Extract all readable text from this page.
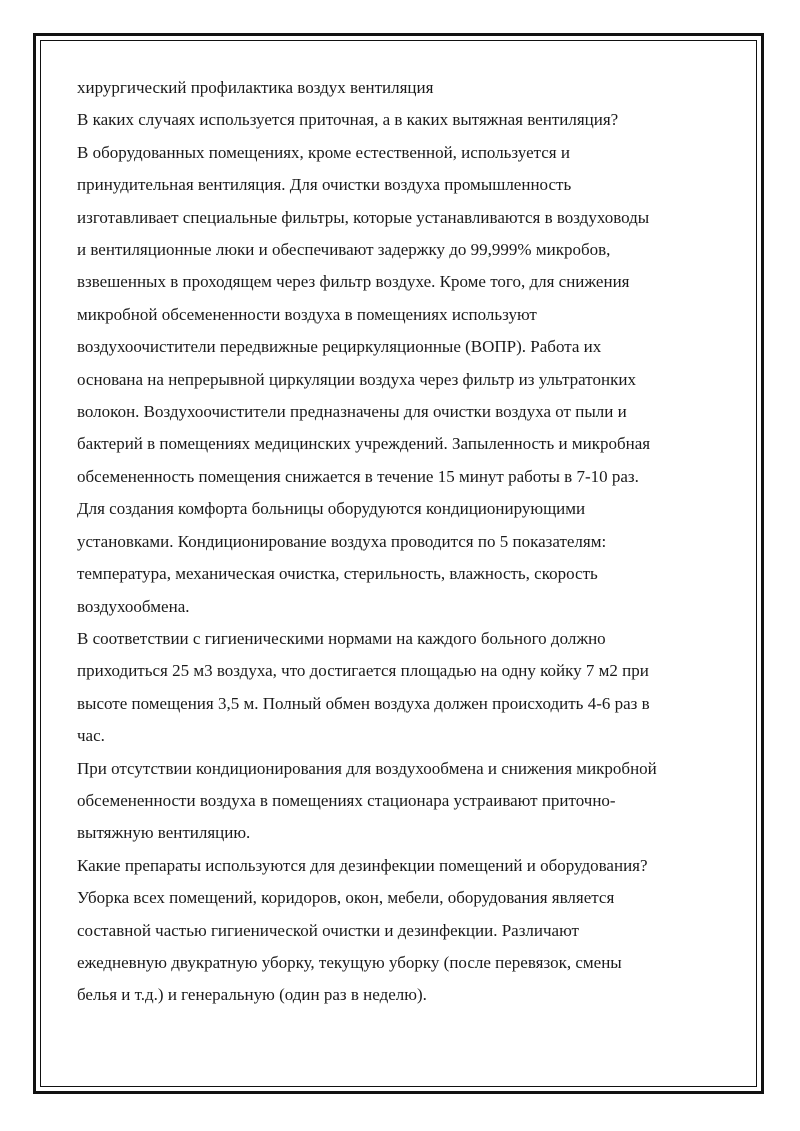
хирургический профилактика воздух вентиляция
В каких случаях используется приточная, а в каких вытяжная вентиляция?
В оборудованных помещениях, кроме естественной, используется и
принудительная вентиляция. Для очистки воздуха промышленность
изготавливает специальные фильтры, которые устанавливаются в воздуховоды
и вентиляционные люки и обеспечивают задержку до 99,999% микробов,
взвешенных в проходящем через фильтр воздухе. Кроме того, для снижения
микробной обсемененности воздуха в помещениях используют
воздухоочистители передвижные рециркуляционные (ВОПР). Работа их
основана на непрерывной циркуляции воздуха через фильтр из ультратонких
волокон. Воздухоочистители предназначены для очистки воздуха от пыли и
бактерий в помещениях медицинских учреждений. Запыленность и микробная
обсемененность помещения снижается в течение 15 минут работы в 7-10 раз.
Для создания комфорта больницы оборудуются кондиционирующими
установками. Кондиционирование воздуха проводится по 5 показателям:
температура, механическая очистка, стерильность, влажность, скорость
воздухообмена.
В соответствии с гигиеническими нормами на каждого больного должно
приходиться 25 м3 воздуха, что достигается площадью на одну койку 7 м2 при
высоте помещения 3,5 м. Полный обмен воздуха должен происходить 4-6 раз в
час.
При отсутствии кондиционирования для воздухообмена и снижения микробной
обсемененности воздуха в помещениях стационара устраивают приточно-
вытяжную вентиляцию.
Какие препараты используются для дезинфекции помещений и оборудования?
Уборка всех помещений, коридоров, окон, мебели, оборудования является
составной частью гигиенической очистки и дезинфекции. Различают
ежедневную двукратную уборку, текущую уборку (после перевязок, смены
белья и т.д.) и генеральную (один раз в неделю).
